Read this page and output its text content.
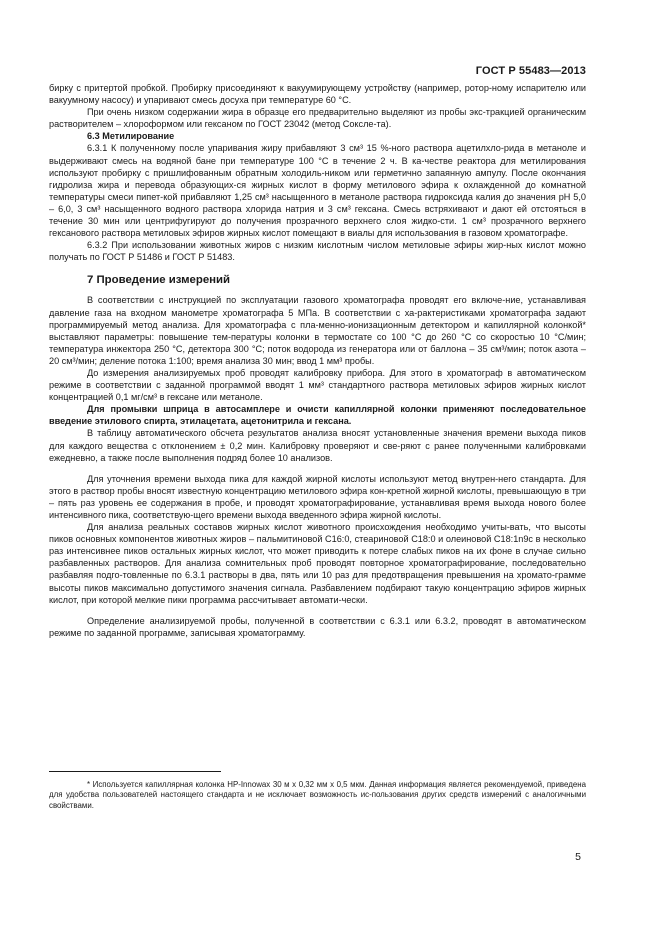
ГОСТ Р 55483—2013

бирку с притертой пробкой. Пробирку присоединяют к вакуумирующему устройству (например, ротор-ному испарителю или вакуумному насосу) и упаривают смесь досуха при температуре 60 °С.

При очень низком содержании жира в образце его предварительно выделяют из пробы экс-тракцией органическим растворителем – хлороформом или гексаном по ГОСТ 23042 (метод Соксле-та).

6.3 Метилирование

6.3.1 К полученному после упаривания жиру прибавляют 3 см³ 15 %-ного раствора ацетилхло-рида в метаноле и выдерживают смесь на водяной бане при температуре 100 °С в течение 2 ч. В ка-честве реактора для метилирования используют пробирку с пришлифованным обратным холодиль-ником или герметично запаянную ампулу. После окончания гидролиза жира и перевода образующих-ся жирных кислот в форму метилового эфира к охлажденной до комнатной температуры смеси пипет-кой прибавляют 1,25 см³ насыщенного в метаноле раствора гидроксида калия до значения рН 5,0 – 6,0, 3 см³ насыщенного водного раствора хлорида натрия и 3 см³ гексана. Смесь встряхивают и дают ей отстояться в течение 30 мин или центрифугируют до получения прозрачного верхнего слоя жидко-сти. 1 см³ прозрачного верхнего гексанового раствора метиловых эфиров жирных кислот помещают в виалы для использования в газовом хроматографе.

6.3.2 При использовании животных жиров с низким кислотным числом метиловые эфиры жир-ных кислот можно получать по ГОСТ Р 51486 и ГОСТ Р 51483.

7 Проведение измерений

В соответствии с инструкцией по эксплуатации газового хроматографа проводят его включе-ние, устанавливая давление газа на входном манометре хроматографа 5 МПа. В соответствии с ха-рактеристиками хроматографа задают программируемый метод анализа. Для хроматографа с пла-менно-ионизационным детектором и капиллярной колонкой* выставляют параметры: повышение тем-пературы колонки в термостате со 100 °С до 260 °С со скоростью 10 °С/мин; температура инжектора 250 °С, детектора 300 °С; поток водорода из генератора или от баллона – 35 см³/мин; поток азота – 20 см³/мин; деление потока 1:100; время анализа 30 мин; ввод 1 мм³ пробы.

До измерения анализируемых проб проводят калибровку прибора. Для этого в хроматограф в автоматическом режиме в соответствии с заданной программой вводят 1 мм³ стандартного раствора метиловых эфиров жирных кислот концентрацией 0,1 мг/см³ в гексане или метаноле.

Для промывки шприца в автосамплере и очисти капиллярной колонки применяют последовательное введение этилового спирта, этилацетата, ацетонитрила и гексана.

В таблицу автоматического обсчета результатов анализа вносят установленные значения времени выхода пиков для каждого вещества с отклонением ± 0,2 мин. Калибровку проверяют и све-ряют с ранее полученными калибровками ежедневно, а также после выполнения подряд более 10 анализов.

Для уточнения времени выхода пика для каждой жирной кислоты используют метод внутрен-него стандарта. Для этого в раствор пробы вносят известную концентрацию метилового эфира кон-кретной жирной кислоты, превышающую в три – пять раз уровень ее содержания в пробе, и проводят хроматографирование, устанавливая время выхода нового более интенсивного пика, соответствую-щего времени выхода введенного эфира жирной кислоты.

Для анализа реальных составов жирных кислот животного происхождения необходимо учиты-вать, что высоты пиков основных компонентов животных жиров – пальмитиновой С16:0, стеариновой С18:0 и олеиновой С18:1n9c в несколько раз интенсивнее пиков остальных жирных кислот, что может приводить к потере слабых пиков на их фоне в случае сильно разбавленных растворов. Для анализа сомнительных проб проводят повторное хроматографирование, последовательно разбавляя подго-товленные по 6.3.1 растворы в два, пять или 10 раз для предотвращения превышения на хромато-грамме высоты пиков максимально допустимого значения сигнала. Разбавлением подбирают такую концентрацию эфиров жирных кислот, при которой мелкие пики программа рассчитывает автомати-чески.

Определение анализируемой пробы, полученной в соответствии с 6.3.1 или 6.3.2, проводят в автоматическом режиме по заданной программе, записывая хроматограмму.

* Используется капиллярная колонка HP-Innowax 30 м х 0,32 мм х 0,5 мкм. Данная информация является рекомендуемой, приведена для удобства пользователей настоящего стандарта и не исключает возможность ис-пользования других средств измерений с аналогичными свойствами.

5
